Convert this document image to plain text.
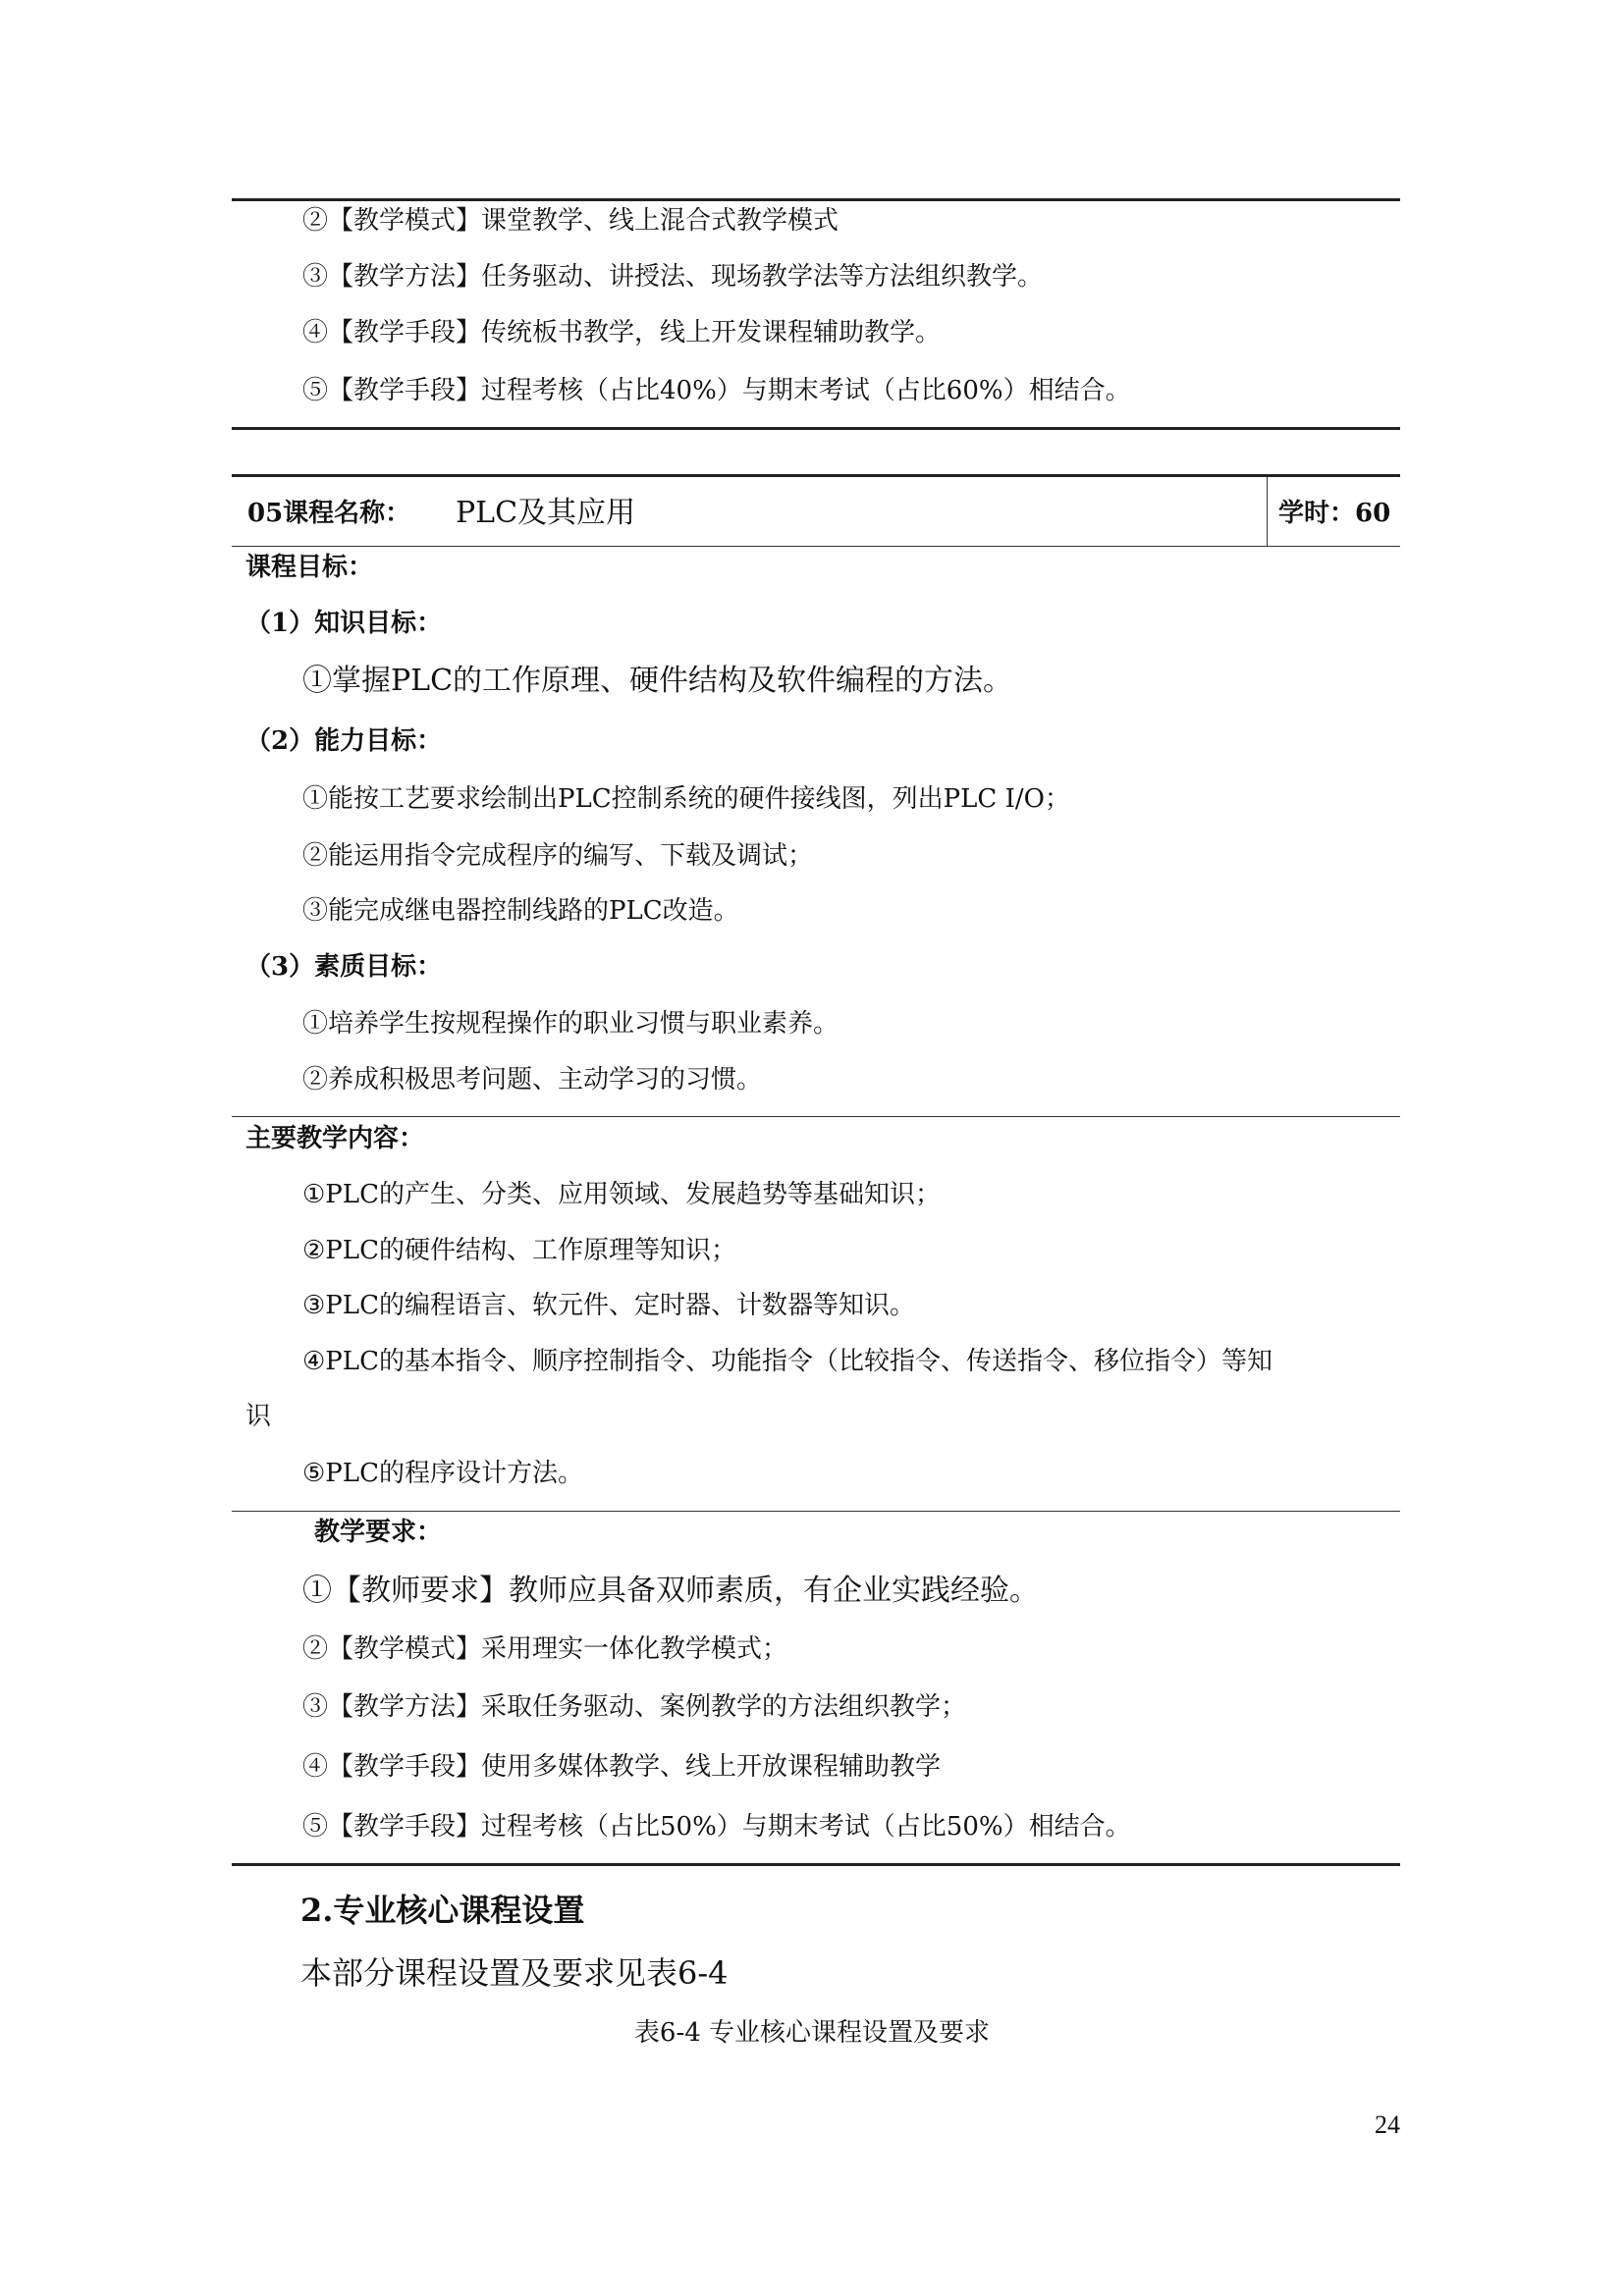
②【教学模式】课堂教学、线上混合式教学模式
③【教学方法】任务驱动、讲授法、现场教学法等方法组织教学。
④【教学手段】传统板书教学，线上开发课程辅助教学。
⑤【教学手段】过程考核（占比40%）与期末考试（占比60%）相结合。
05课程名称： PLC及其应用	学时：60
课程目标：
（1）知识目标：
①掌握PLC的工作原理、硬件结构及软件编程的方法。
（2）能力目标：
①能按工艺要求绘制出PLC控制系统的硬件接线图，列出PLC I/O；
②能运用指令完成程序的编写、下载及调试；
③能完成继电器控制线路的PLC改造。
（3）素质目标：
①培养学生按规程操作的职业习惯与职业素养。
②养成积极思考问题、主动学习的习惯。
主要教学内容：
①PLC的产生、分类、应用领域、发展趋势等基础知识；
②PLC的硬件结构、工作原理等知识；
③PLC的编程语言、软元件、定时器、计数器等知识。
④PLC的基本指令、顺序控制指令、功能指令（比较指令、传送指令、移位指令）等知
识
⑤PLC的程序设计方法。
教学要求：
①【教师要求】教师应具备双师素质，有企业实践经验。
②【教学模式】采用理实一体化教学模式；
③【教学方法】采取任务驱动、案例教学的方法组织教学；
④【教学手段】使用多媒体教学、线上开放课程辅助教学
⑤【教学手段】过程考核（占比50%）与期末考试（占比50%）相结合。
2.专业核心课程设置
本部分课程设置及要求见表6-4
表6-4 专业核心课程设置及要求
24
